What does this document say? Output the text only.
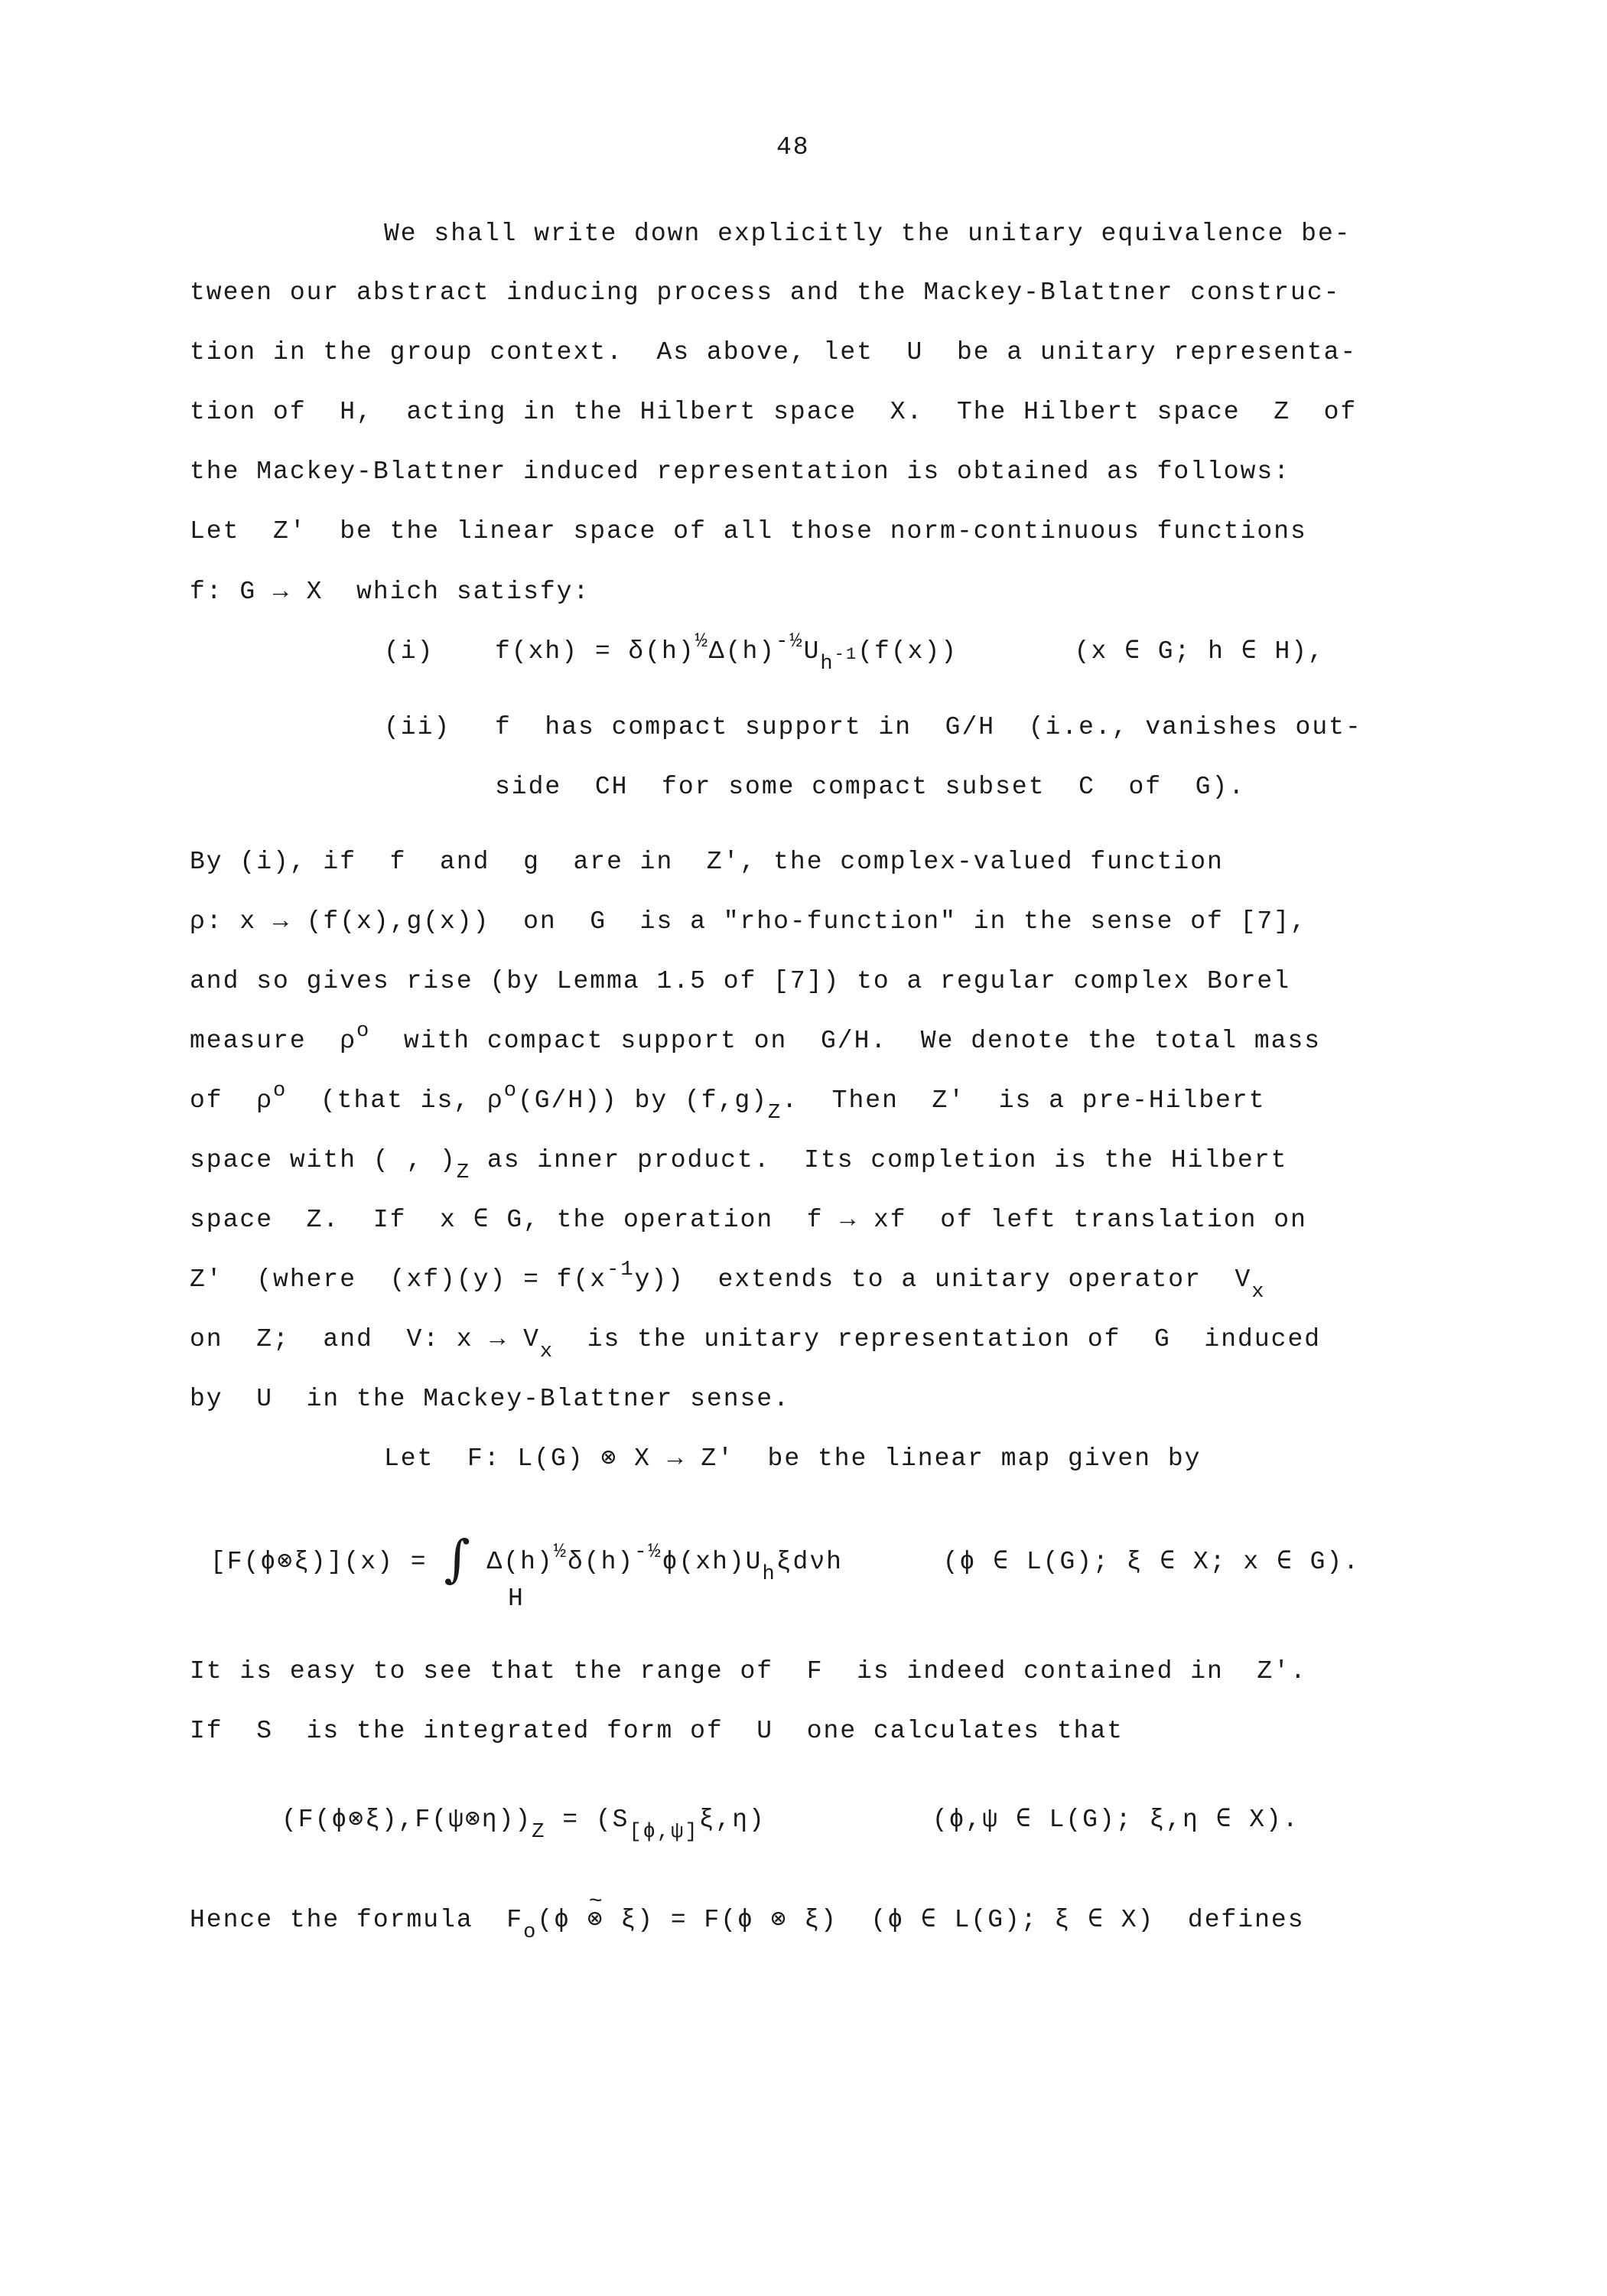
48
We shall write down explicitly the unitary equivalence be-
tween our abstract inducing process and the Mackey-Blattner construc-
tion in the group context.  As above, let  U  be a unitary representa-
tion of  H,  acting in the Hilbert space  X.  The Hilbert space  Z  of
the Mackey-Blattner induced representation is obtained as follows:
Let  Z'  be the linear space of all those norm-continuous functions
f: G → X  which satisfy:
(i) $f(xh) = \delta(h)^{\frac{1}{2}}\Delta(h)^{-\frac{1}{2}}U_{h^{-1}}(f(x))$       (x ∈ G; h ∈ H),
(ii) f  has compact support in  G/H  (i.e., vanishes out-
side  CH  for some compact subset  C  of  G).
By (i), if  f  and  g  are in  Z', the complex-valued function
ρ: x → (f(x),g(x))  on  G  is a "rho-function" in the sense of [7],
and so gives rise (by Lemma 1.5 of [7]) to a regular complex Borel
measure  $\rho^o$  with compact support on  G/H.  We denote the total mass
of  $\rho^o$  (that is, $\rho^o(G/H)$) by $(f,g)_Z$.  Then  Z'  is a pre-Hilbert
space with ( , )$_Z$ as inner product.  Its completion is the Hilbert
space  Z.  If  x ∈ G, the operation  f → xf  of left translation on
Z'  (where  $(xf)(y) = f(x^{-1}y)$)  extends to a unitary operator  $V_x$
on  Z;  and  V: $x \to V_x$  is the unitary representation of  G  induced
by  U  in the Mackey-Blattner sense.
Let  F: L(G) ⊗ X → Z'  be the linear map given by
[F(ϕ⊗ξ)](x) = ∫ $\Delta(h)^{\frac{1}{2}}\delta(h)^{-\frac{1}{2}}\phi(xh)U_h\xi d\nu h$      (ϕ ∈ L(G); ξ ∈ X; x ∈ G).
H
It is easy to see that the range of  F  is indeed contained in  Z'.
If  S  is the integrated form of  U  one calculates that
$(F(\phi\otimes\xi),F(\psi\otimes\eta))_Z = (S_{[\phi,\psi]}\xi,\eta)$          (ϕ,ψ ∈ L(G); ξ,η ∈ X).
Hence the formula  $F_o(\phi$ ~ ⊗ ξ) = F(ϕ ⊗ ξ)  (ϕ ∈ L(G); ξ ∈ X)  defines
